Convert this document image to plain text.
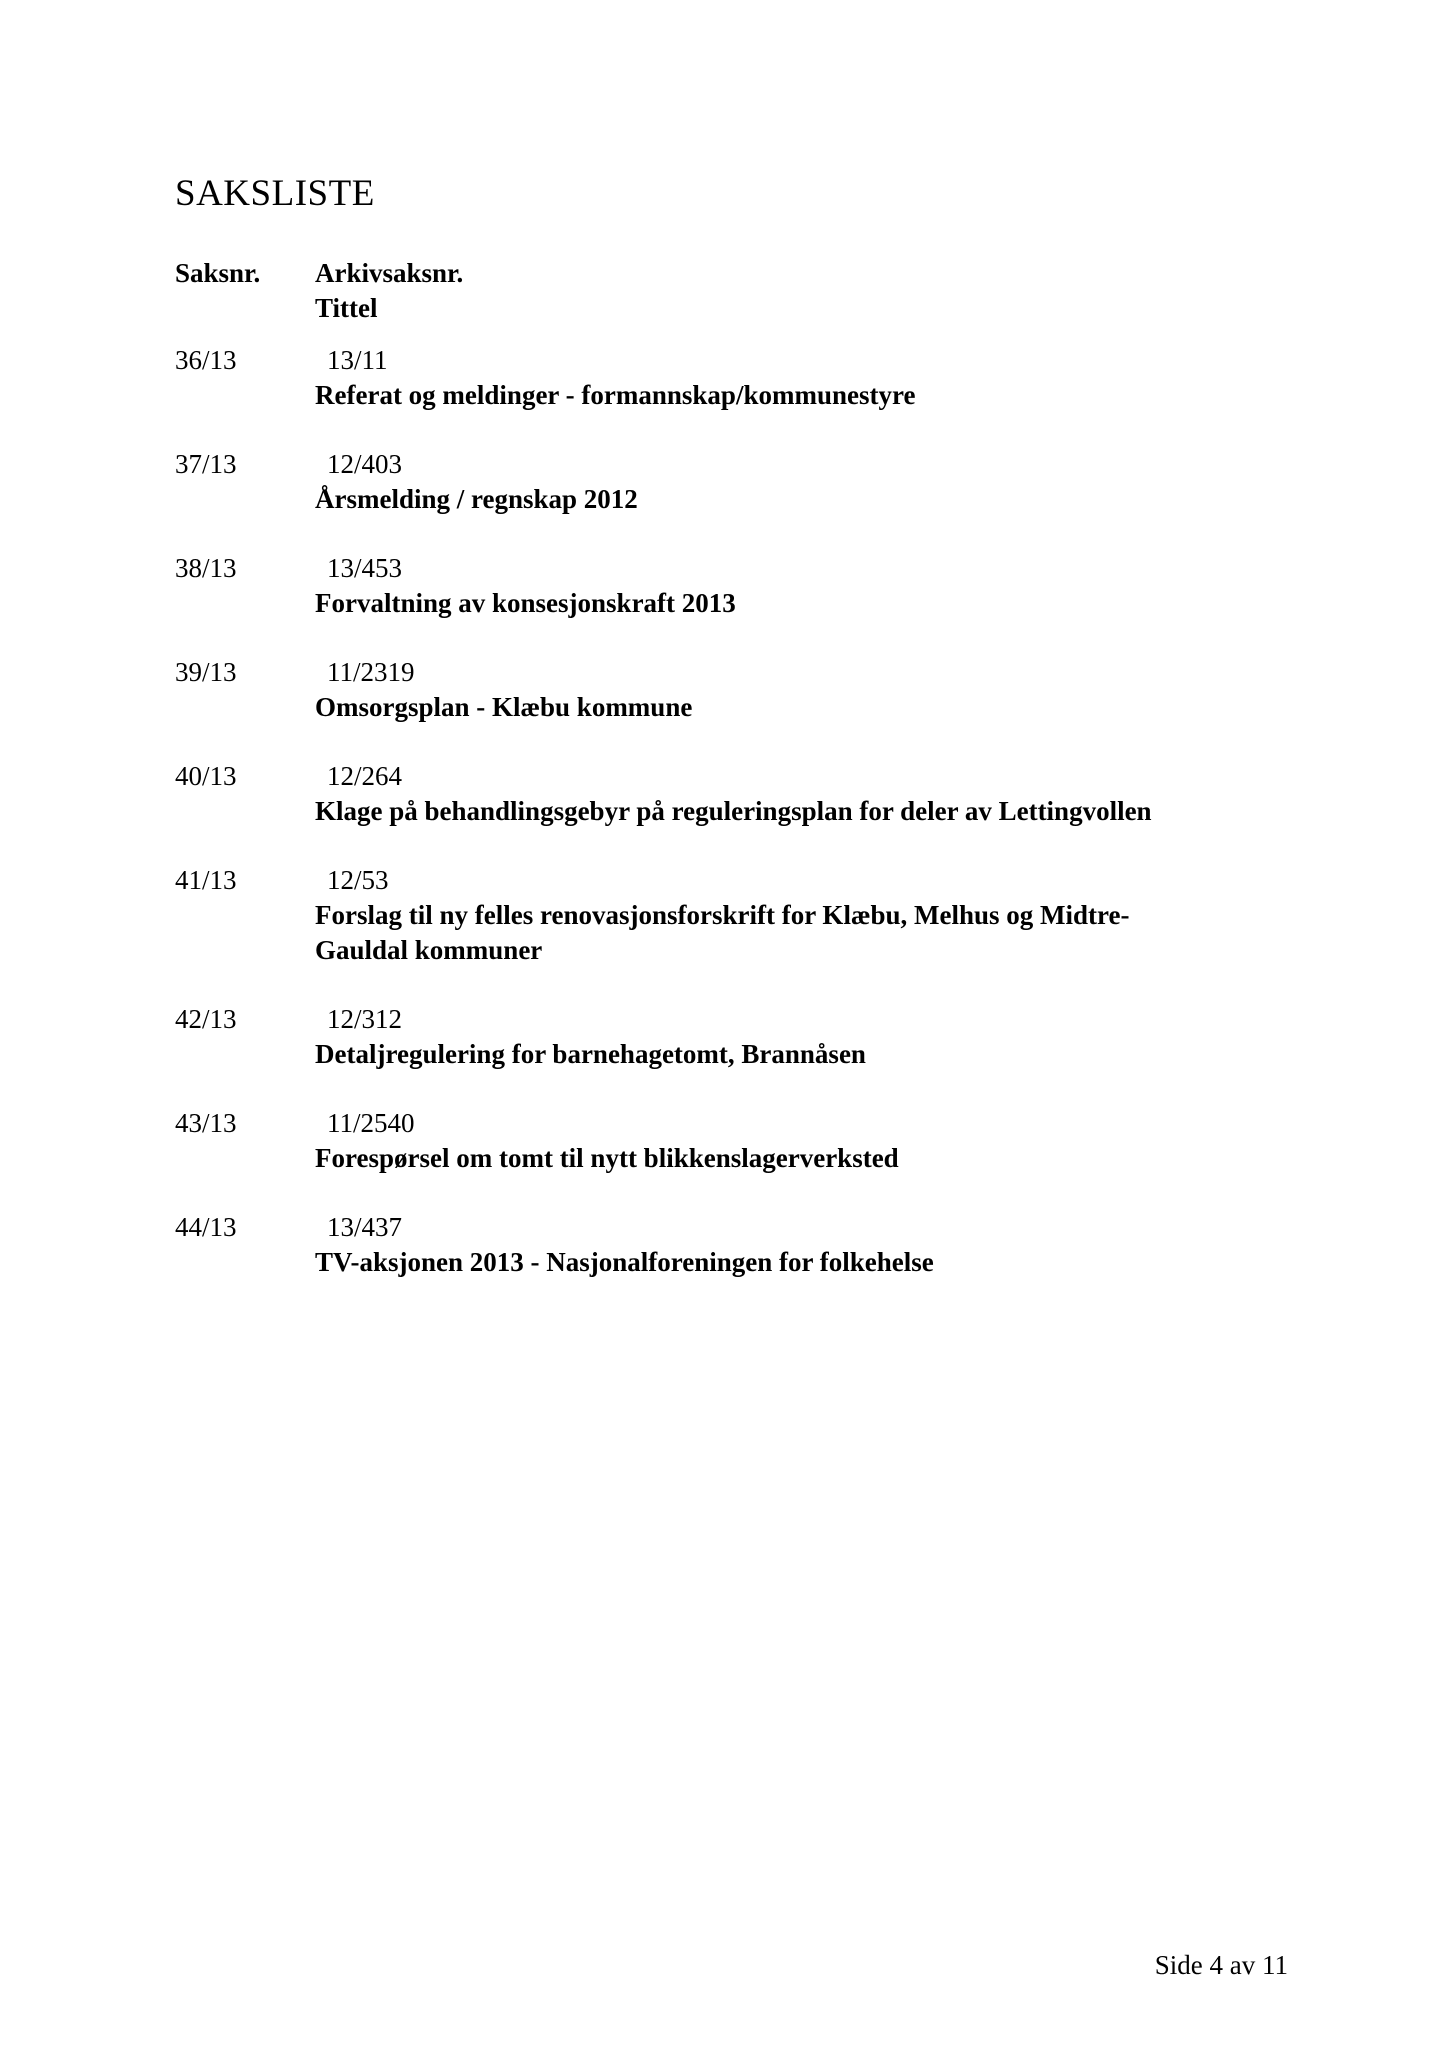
SAKSLISTE
Saksnr. Arkivsaksnr.
Tittel
36/13	13/11
Referat og meldinger - formannskap/kommunestyre
37/13	12/403
Årsmelding / regnskap 2012
38/13	13/453
Forvaltning av konsesjonskraft 2013
39/13	11/2319
Omsorgsplan - Klæbu kommune
40/13	12/264
Klage på behandlingsgebyr på reguleringsplan for deler av Lettingvollen
41/13	12/53
Forslag til ny felles renovasjonsforskrift for Klæbu, Melhus og Midtre-Gauldal kommuner
42/13	12/312
Detaljregulering for barnehagetomt, Brannåsen
43/13	11/2540
Forespørsel om tomt til nytt blikkenslagerverksted
44/13	13/437
TV-aksjonen 2013 - Nasjonalforeningen for folkehelse
Side 4 av 11
